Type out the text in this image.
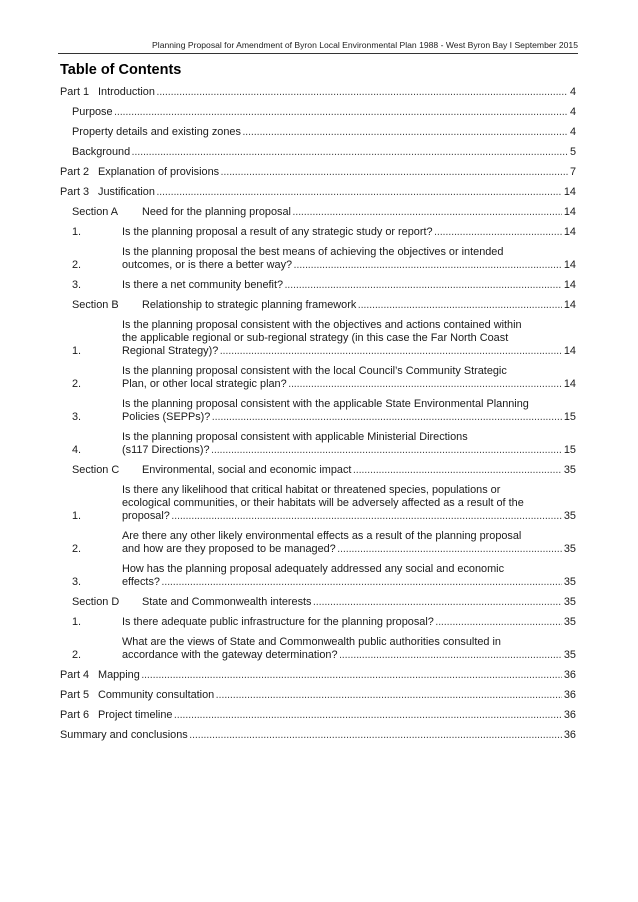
Planning Proposal for Amendment of Byron Local Environmental Plan 1988 - West Byron Bay I September 2015
Table of Contents
Part 1 Introduction . . .	4
Purpose . . .	4
Property details and existing zones . . .	4
Background . . .	5
Part 2 Explanation of provisions . . .	7
Part 3 Justification . . .	14
Section A	Need for the planning proposal . . .	14
1.	Is the planning proposal a result of any strategic study or report? . . .	14
2.
Is the planning proposal the best means of achieving the objectives or intended
outcomes, or is there a better way? . . .	14
3.	Is there a net community benefit? . . .	14
Section B	Relationship to strategic planning framework . . .	14
1.
Is the planning proposal consistent with the objectives and actions contained within
the applicable regional or sub-regional strategy (in this case the Far North Coast
Regional Strategy)? . . .	14
2.
Is the planning proposal consistent with the local Council’s Community Strategic
Plan, or other local strategic plan? . . .	14
3.
Is the planning proposal consistent with the applicable State Environmental Planning
Policies (SEPPs)? . . .	15
4.
Is the planning proposal consistent with applicable Ministerial Directions
(s117 Directions)? . . .	15
Section C	Environmental, social and economic impact . . .	35
1.
Is there any likelihood that critical habitat or threatened species, populations or
ecological communities, or their habitats will be adversely affected as a result of the
proposal? . . .	35
2.
Are there any other likely environmental effects as a result of the planning proposal
and how are they proposed to be managed? . . .	35
3.
How has the planning proposal adequately addressed any social and economic
effects? . . .	35
Section D	State and Commonwealth interests . . .	35
1.	Is there adequate public infrastructure for the planning proposal? . . .	35
2.
What are the views of State and Commonwealth public authorities consulted in
accordance with the gateway determination? . . .	35
Part 4 Mapping . . .	36
Part 5 Community consultation . . .	36
Part 6 Project timeline . . .	36
Summary and conclusions . . .	36
